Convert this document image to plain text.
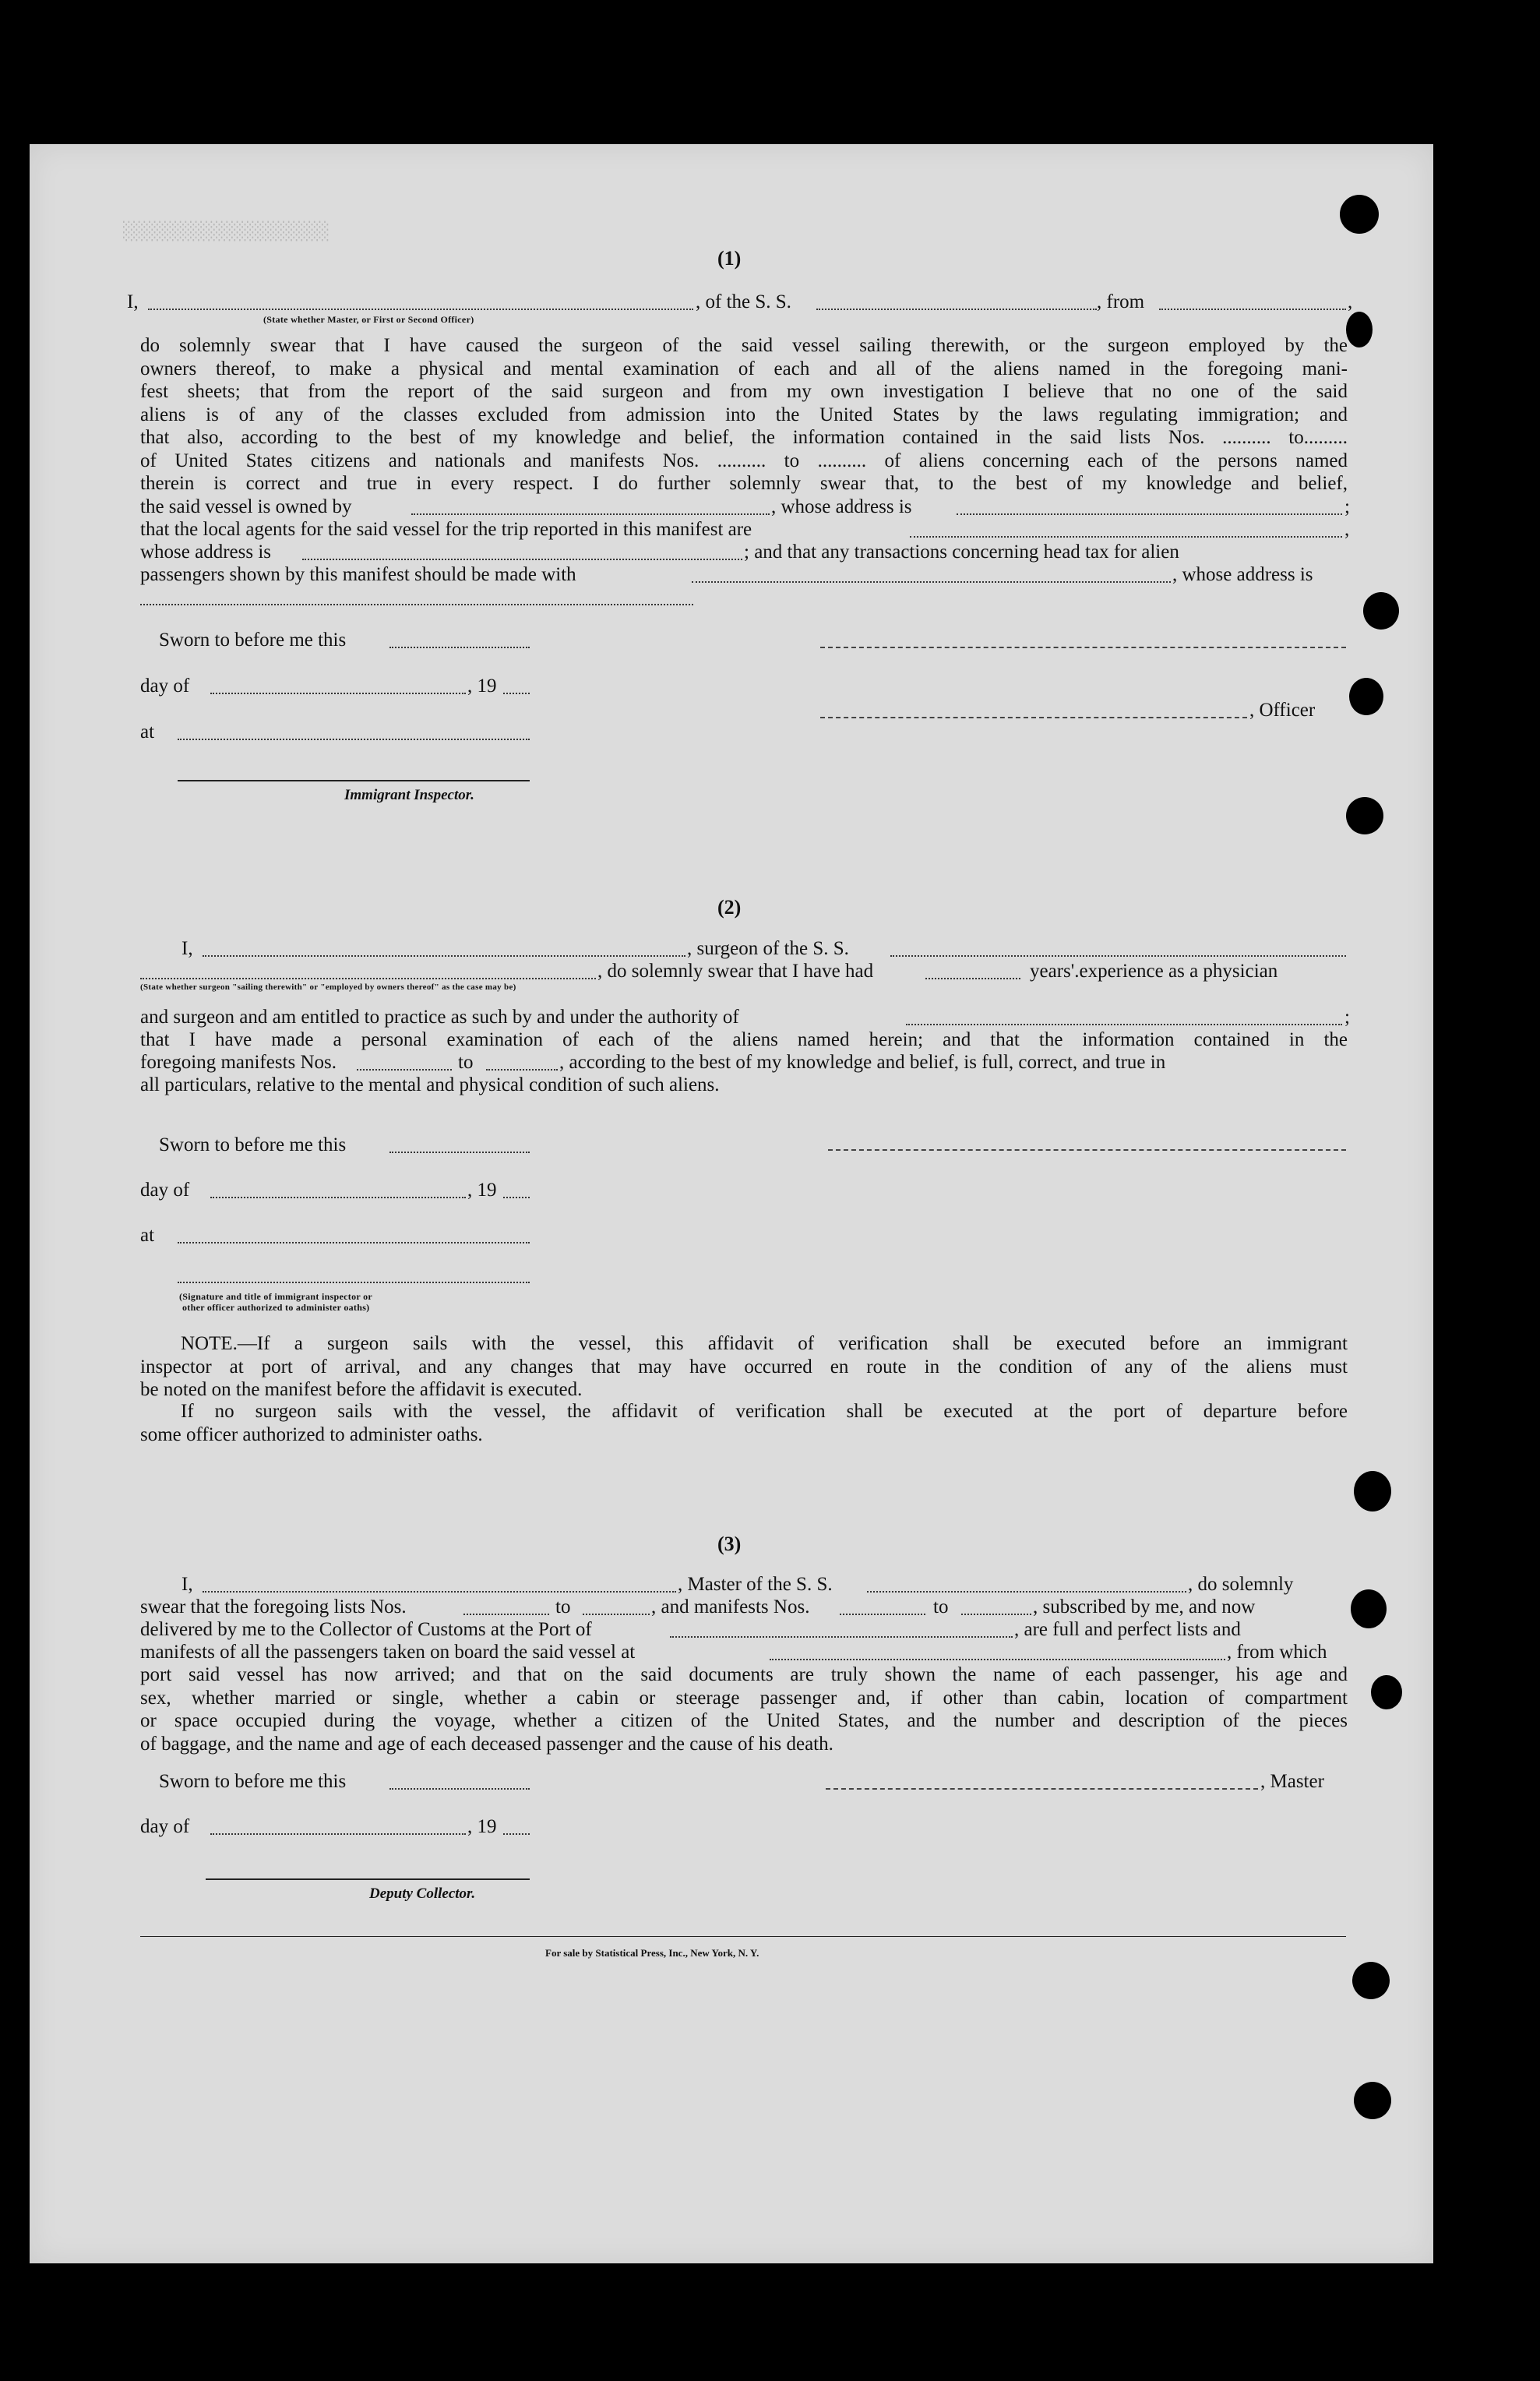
░░░░░░░░░░░░░░░░░░░░
(1)
I,	, of the S. S.	, from	,
(State whether Master, or First or Second Officer)
do solemnly swear that I have caused the surgeon of the said vessel sailing therewith, or the surgeon employed by the
owners thereof, to make a physical and mental examination of each and all of the aliens named in the foregoing mani-
fest sheets; that from the report of the said surgeon and from my own investigation I believe that no one of the said
aliens is of any of the classes excluded from admission into the United States by the laws regulating immigration; and
that also, according to the best of my knowledge and belief, the information contained in the said lists Nos. .......... to.........
of United States citizens and nationals and manifests Nos. .......... to .......... of aliens concerning each of the persons named
therein is correct and true in every respect. I do further solemnly swear that, to the best of my knowledge and belief,
the said vessel is owned by	, whose address is	;
that the local agents for the said vessel for the trip reported in this manifest are	,
whose address is	; and that any transactions concerning head tax for alien
passengers shown by this manifest should be made with	, whose address is
Sworn to before me this
day of	, 19
, Officer
at
Immigrant Inspector.
(2)
I,	, surgeon of the S. S.
, do solemnly swear that I have had	years'.experience as a physician
(State whether surgeon "sailing therewith" or "employed by owners thereof" as the case may be)
and surgeon and am entitled to practice as such by and under the authority of	;
that I have made a personal examination of each of the aliens named herein; and that the information contained in the
foregoing manifests Nos.	to	, according to the best of my knowledge and belief, is full, correct, and true in
all particulars, relative to the mental and physical condition of such aliens.
Sworn to before me this
day of	, 19
at
(Signature and title of immigrant inspector or
other officer authorized to administer oaths)
NOTE.—If a surgeon sails with the vessel, this affidavit of verification shall be executed before an immigrant
inspector at port of arrival, and any changes that may have occurred en route in the condition of any of the aliens must
be noted on the manifest before the affidavit is executed.
If no surgeon sails with the vessel, the affidavit of verification shall be executed at the port of departure before
some officer authorized to administer oaths.
(3)
I,	, Master of the S. S.	, do solemnly
swear that the foregoing lists Nos.	to	, and manifests Nos.	to	, subscribed by me, and now
delivered by me to the Collector of Customs at the Port of	, are full and perfect lists and
manifests of all the passengers taken on board the said vessel at	, from which
port said vessel has now arrived; and that on the said documents are truly shown the name of each passenger, his age and
sex, whether married or single, whether a cabin or steerage passenger and, if other than cabin, location of compartment
or space occupied during the voyage, whether a citizen of the United States, and the number and description of the pieces
of baggage, and the name and age of each deceased passenger and the cause of his death.
Sworn to before me this	, Master
day of	, 19
Deputy Collector.
For sale by Statistical Press, Inc., New York, N. Y.
